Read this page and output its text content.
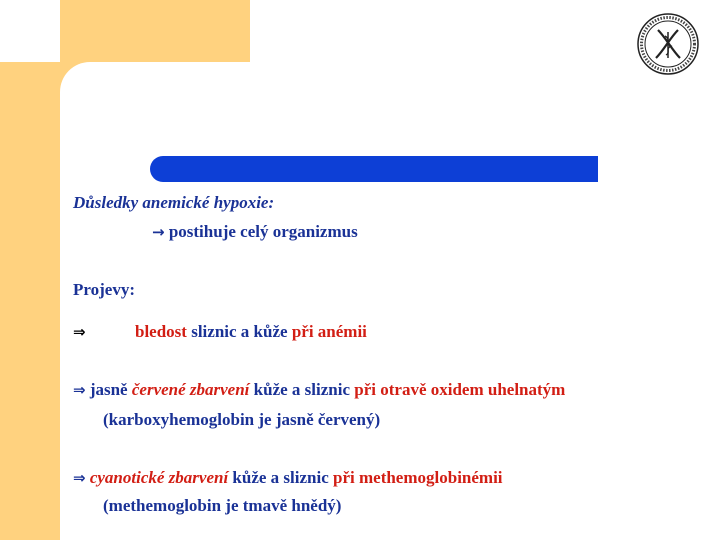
Důsledky anemické hypoxie:
→ postihuje celý organizmus
Projevy:
⇒	bledost sliznic a kůže při anémii
⇒ jasně červené zbarvení kůže a sliznic při otravě oxidem uhelnatým
(karboxyhemoglobin je jasně červený)
⇒ cyanotické zbarvení kůže a sliznic při methemoglobinémii
(methemoglobin je tmavě hnědý)
